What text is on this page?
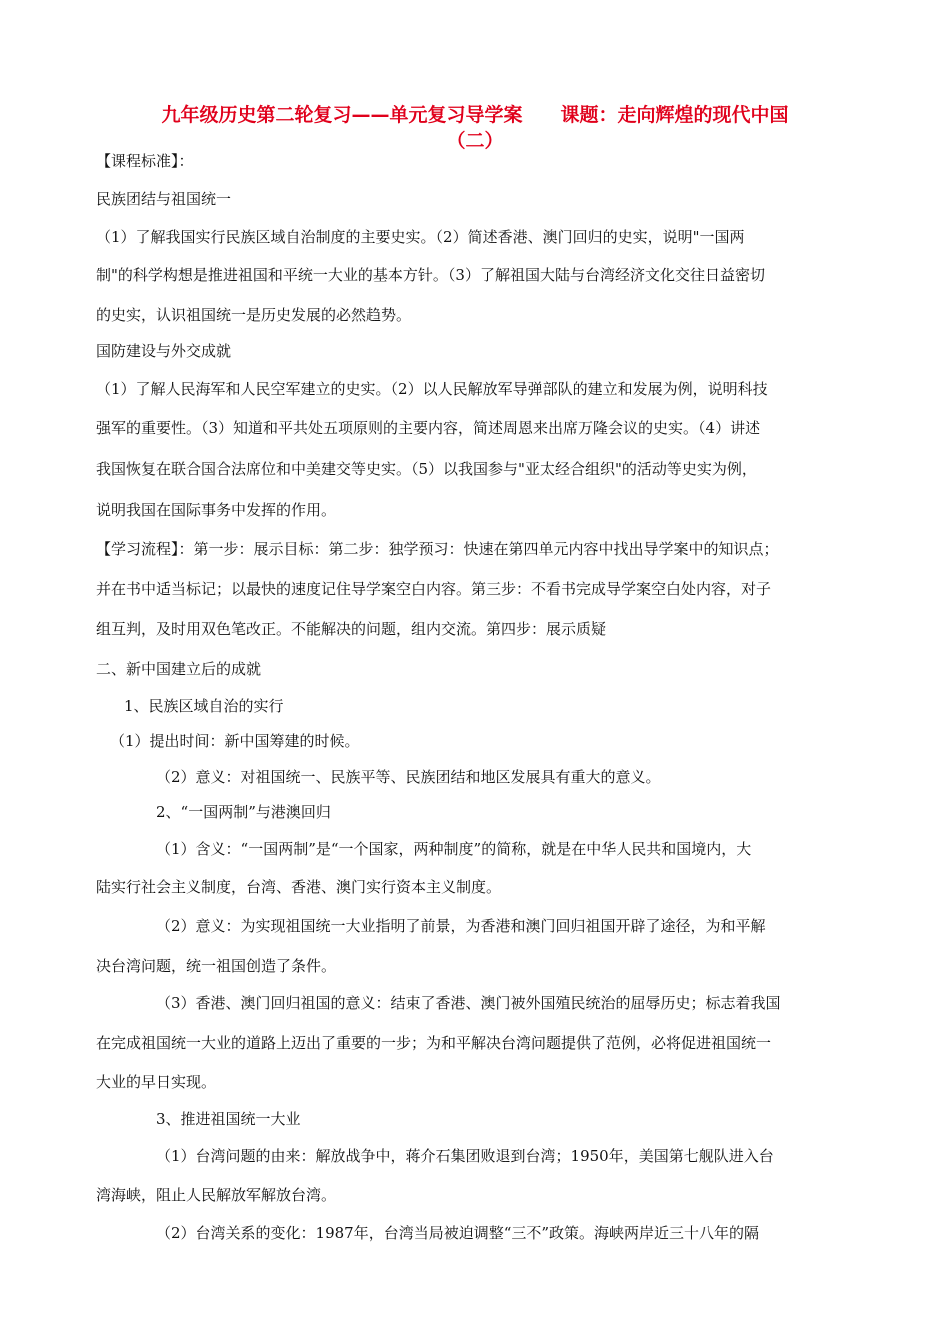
九年级历史第二轮复习——单元复习导学案　　课题：走向辉煌的现代中国
（二）

【课程标准】：

民族团结与祖国统一

（1）了解我国实行民族区域自治制度的主要史实。（2）简述香港、澳门回归的史实，说明"一国两

制"的科学构想是推进祖国和平统一大业的基本方针。（3）了解祖国大陆与台湾经济文化交往日益密切

的史实，认识祖国统一是历史发展的必然趋势。

国防建设与外交成就

（1）了解人民海军和人民空军建立的史实。（2）以人民解放军导弹部队的建立和发展为例，说明科技

强军的重要性。（3）知道和平共处五项原则的主要内容，简述周恩来出席万隆会议的史实。（4）讲述

我国恢复在联合国合法席位和中美建交等史实。（5）以我国参与"亚太经合组织"的活动等史实为例，

说明我国在国际事务中发挥的作用。

【学习流程】：第一步：展示目标：第二步：独学预习：快速在第四单元内容中找出导学案中的知识点；

并在书中适当标记；以最快的速度记住导学案空白内容。第三步：不看书完成导学案空白处内容，对子

组互判，及时用双色笔改正。不能解决的问题，组内交流。第四步：展示质疑

二、新中国建立后的成就

1、民族区域自治的实行

（1）提出时间：新中国筹建的时候。

（2）意义：对祖国统一、民族平等、民族团结和地区发展具有重大的意义。

2、“一国两制”与港澳回归

（1）含义：“一国两制”是“一个国家，两种制度”的简称，就是在中华人民共和国境内，大

陆实行社会主义制度，台湾、香港、澳门实行资本主义制度。

（2）意义：为实现祖国统一大业指明了前景，为香港和澳门回归祖国开辟了途径，为和平解

决台湾问题，统一祖国创造了条件。

（3）香港、澳门回归祖国的意义：结束了香港、澳门被外国殖民统治的屈辱历史；标志着我国

在完成祖国统一大业的道路上迈出了重要的一步；为和平解决台湾问题提供了范例，必将促进祖国统一

大业的早日实现。

3、推进祖国统一大业

（1）台湾问题的由来：解放战争中，蒋介石集团败退到台湾；1950年，美国第七舰队进入台

湾海峡，阻止人民解放军解放台湾。

（2）台湾关系的变化：1987年，台湾当局被迫调整“三不”政策。海峡两岸近三十八年的隔
